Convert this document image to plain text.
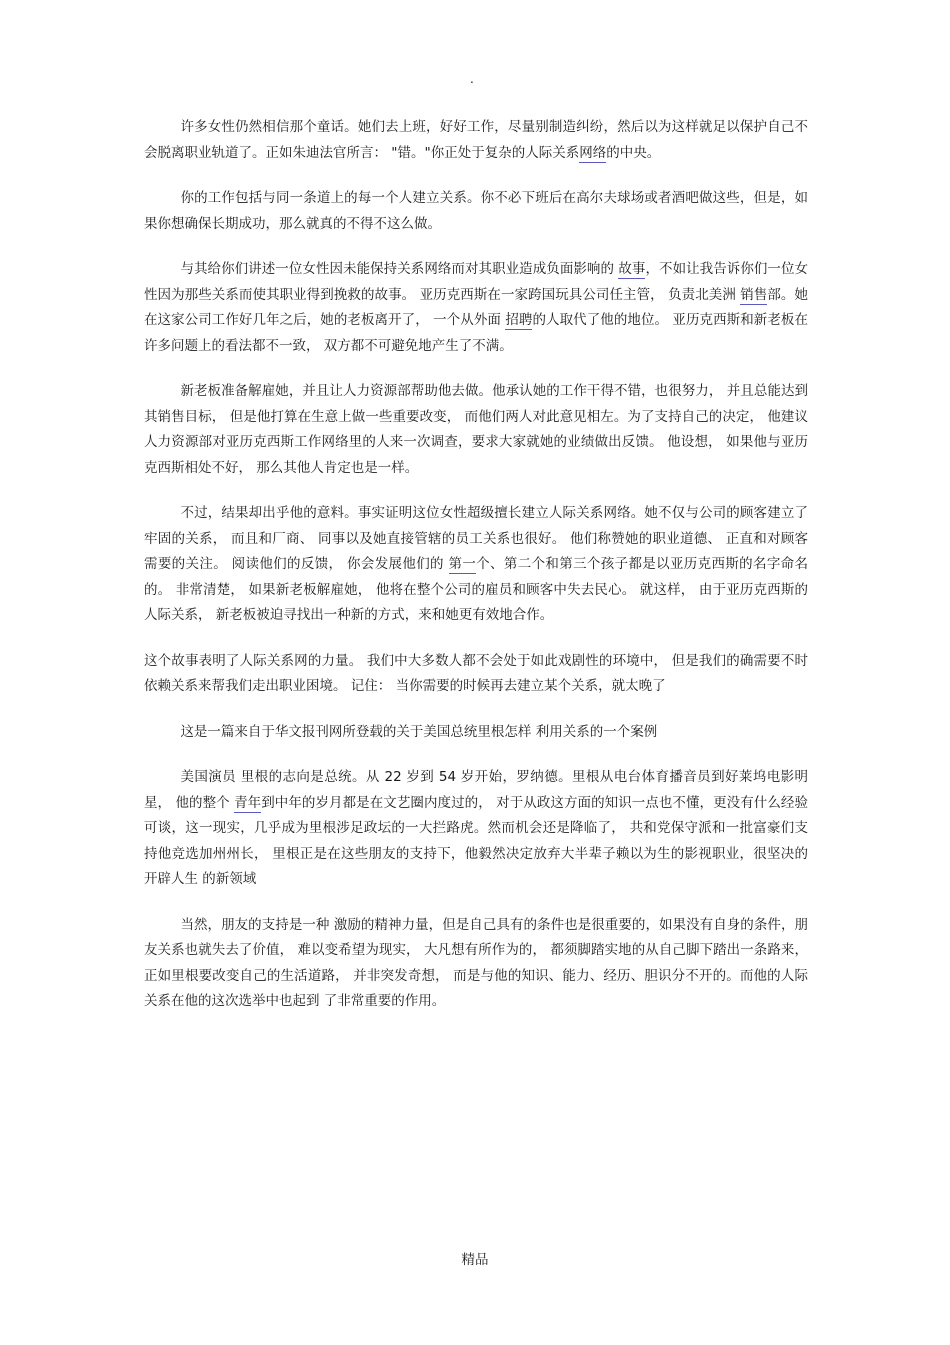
.

许多女性仍然相信那个童话。她们去上班，好好工作，尽量别制造纠纷，然后以为这样就足以保护自己不会脱离职业轨道了。正如朱迪法官所言： "错。"你正处于复杂的人际关系网络的中央。

你的工作包括与同一条道上的每一个人建立关系。你不必下班后在高尔夫球场或者酒吧做这些，但是，如果你想确保长期成功，那么就真的不得不这么做。

与其给你们讲述一位女性因未能保持关系网络而对其职业造成负面影响的 故事，不如让我告诉你们一位女性因为那些关系而使其职业得到挽救的故事。 亚历克西斯在一家跨国玩具公司任主管， 负责北美洲 销售部。她在这家公司工作好几年之后，她的老板离开了， 一个从外面 招聘的人取代了他的地位。 亚历克西斯和新老板在许多问题上的看法都不一致， 双方都不可避免地产生了不满。

新老板准备解雇她，并且让人力资源部帮助他去做。他承认她的工作干得不错，也很努力， 并且总能达到其销售目标， 但是他打算在生意上做一些重要改变， 而他们两人对此意见相左。为了支持自己的决定， 他建议人力资源部对亚历克西斯工作网络里的人来一次调查，要求大家就她的业绩做出反馈。 他设想， 如果他与亚历克西斯相处不好， 那么其他人肯定也是一样。

不过，结果却出乎他的意料。事实证明这位女性超级擅长建立人际关系网络。她不仅与公司的顾客建立了牢固的关系， 而且和厂商、 同事以及她直接管辖的员工关系也很好。 他们称赞她的职业道德、 正直和对顾客需要的关注。 阅读他们的反馈， 你会发展他们的 第一个、第二个和第三个孩子都是以亚历克西斯的名字命名的。 非常清楚， 如果新老板解雇她， 他将在整个公司的雇员和顾客中失去民心。 就这样， 由于亚历克西斯的人际关系， 新老板被迫寻找出一种新的方式，来和她更有效地合作。

这个故事表明了人际关系网的力量。 我们中大多数人都不会处于如此戏剧性的环境中， 但是我们的确需要不时依赖关系来帮我们走出职业困境。 记住： 当你需要的时候再去建立某个关系，就太晚了

这是一篇来自于华文报刊网所登载的关于美国总统里根怎样 利用关系的一个案例

美国演员 里根的志向是总统。从 22 岁到 54 岁开始，罗纳德。里根从电台体育播音员到好莱坞电影明星， 他的整个 青年到中年的岁月都是在文艺圈内度过的， 对于从政这方面的知识一点也不懂，更没有什么经验可谈，这一现实，几乎成为里根涉足政坛的一大拦路虎。然而机会还是降临了， 共和党保守派和一批富豪们支持他竞选加州州长， 里根正是在这些朋友的支持下，他毅然决定放弃大半辈子赖以为生的影视职业，很坚决的开辟人生 的新领域

当然，朋友的支持是一种 激励的精神力量，但是自己具有的条件也是很重要的，如果没有自身的条件，朋友关系也就失去了价值， 难以变希望为现实， 大凡想有所作为的， 都须脚踏实地的从自己脚下踏出一条路来， 正如里根要改变自己的生活道路， 并非突发奇想， 而是与他的知识、能力、经历、胆识分不开的。而他的人际关系在他的这次选举中也起到 了非常重要的作用。

精品
